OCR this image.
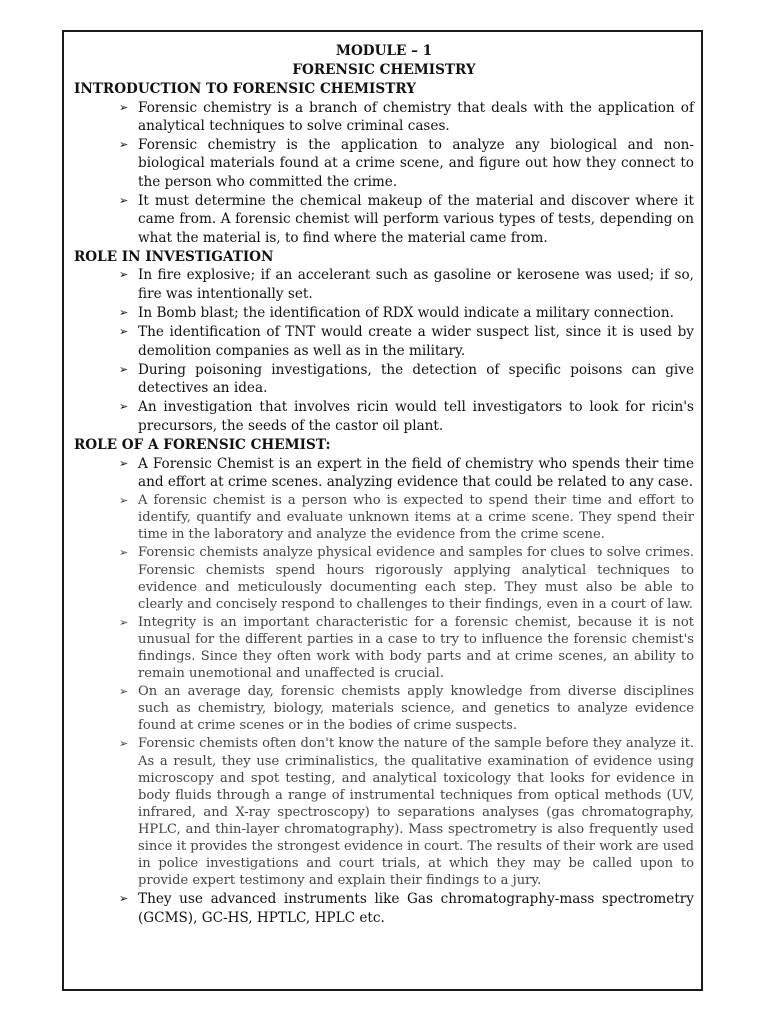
MODULE – 1
FORENSIC CHEMISTRY
INTRODUCTION TO FORENSIC CHEMISTRY
➢ Forensic chemistry is a branch of chemistry that deals with the application of analytical techniques to solve criminal cases.
➢ Forensic chemistry is the application to analyze any biological and non-biological materials found at a crime scene, and figure out how they connect to the person who committed the crime.
➢ It must determine the chemical makeup of the material and discover where it came from. A forensic chemist will perform various types of tests, depending on what the material is, to find where the material came from.
ROLE IN INVESTIGATION
➢ In fire explosive; if an accelerant such as gasoline or kerosene was used; if so, fire was intentionally set.
➢ In Bomb blast; the identification of RDX would indicate a military connection.
➢ The identification of TNT would create a wider suspect list, since it is used by demolition companies as well as in the military.
➢ During poisoning investigations, the detection of specific poisons can give detectives an idea.
➢ An investigation that involves ricin would tell investigators to look for ricin's precursors, the seeds of the castor oil plant.
ROLE OF A FORENSIC CHEMIST:
➢ A Forensic Chemist is an expert in the field of chemistry who spends their time and effort at crime scenes. analyzing evidence that could be related to any case.
➢ A forensic chemist is a person who is expected to spend their time and effort to identify, quantify and evaluate unknown items at a crime scene. They spend their time in the laboratory and analyze the evidence from the crime scene.
➢ Forensic chemists analyze physical evidence and samples for clues to solve crimes. Forensic chemists spend hours rigorously applying analytical techniques to evidence and meticulously documenting each step. They must also be able to clearly and concisely respond to challenges to their findings, even in a court of law.
➢ Integrity is an important characteristic for a forensic chemist, because it is not unusual for the different parties in a case to try to influence the forensic chemist's findings. Since they often work with body parts and at crime scenes, an ability to remain unemotional and unaffected is crucial.
➢ On an average day, forensic chemists apply knowledge from diverse disciplines such as chemistry, biology, materials science, and genetics to analyze evidence found at crime scenes or in the bodies of crime suspects.
➢ Forensic chemists often don't know the nature of the sample before they analyze it. As a result, they use criminalistics, the qualitative examination of evidence using microscopy and spot testing, and analytical toxicology that looks for evidence in body fluids through a range of instrumental techniques from optical methods (UV, infrared, and X-ray spectroscopy) to separations analyses (gas chromatography, HPLC, and thin-layer chromatography). Mass spectrometry is also frequently used since it provides the strongest evidence in court. The results of their work are used in police investigations and court trials, at which they may be called upon to provide expert testimony and explain their findings to a jury.
➢ They use advanced instruments like Gas chromatography-mass spectrometry (GCMS), GC-HS, HPTLC, HPLC etc.
